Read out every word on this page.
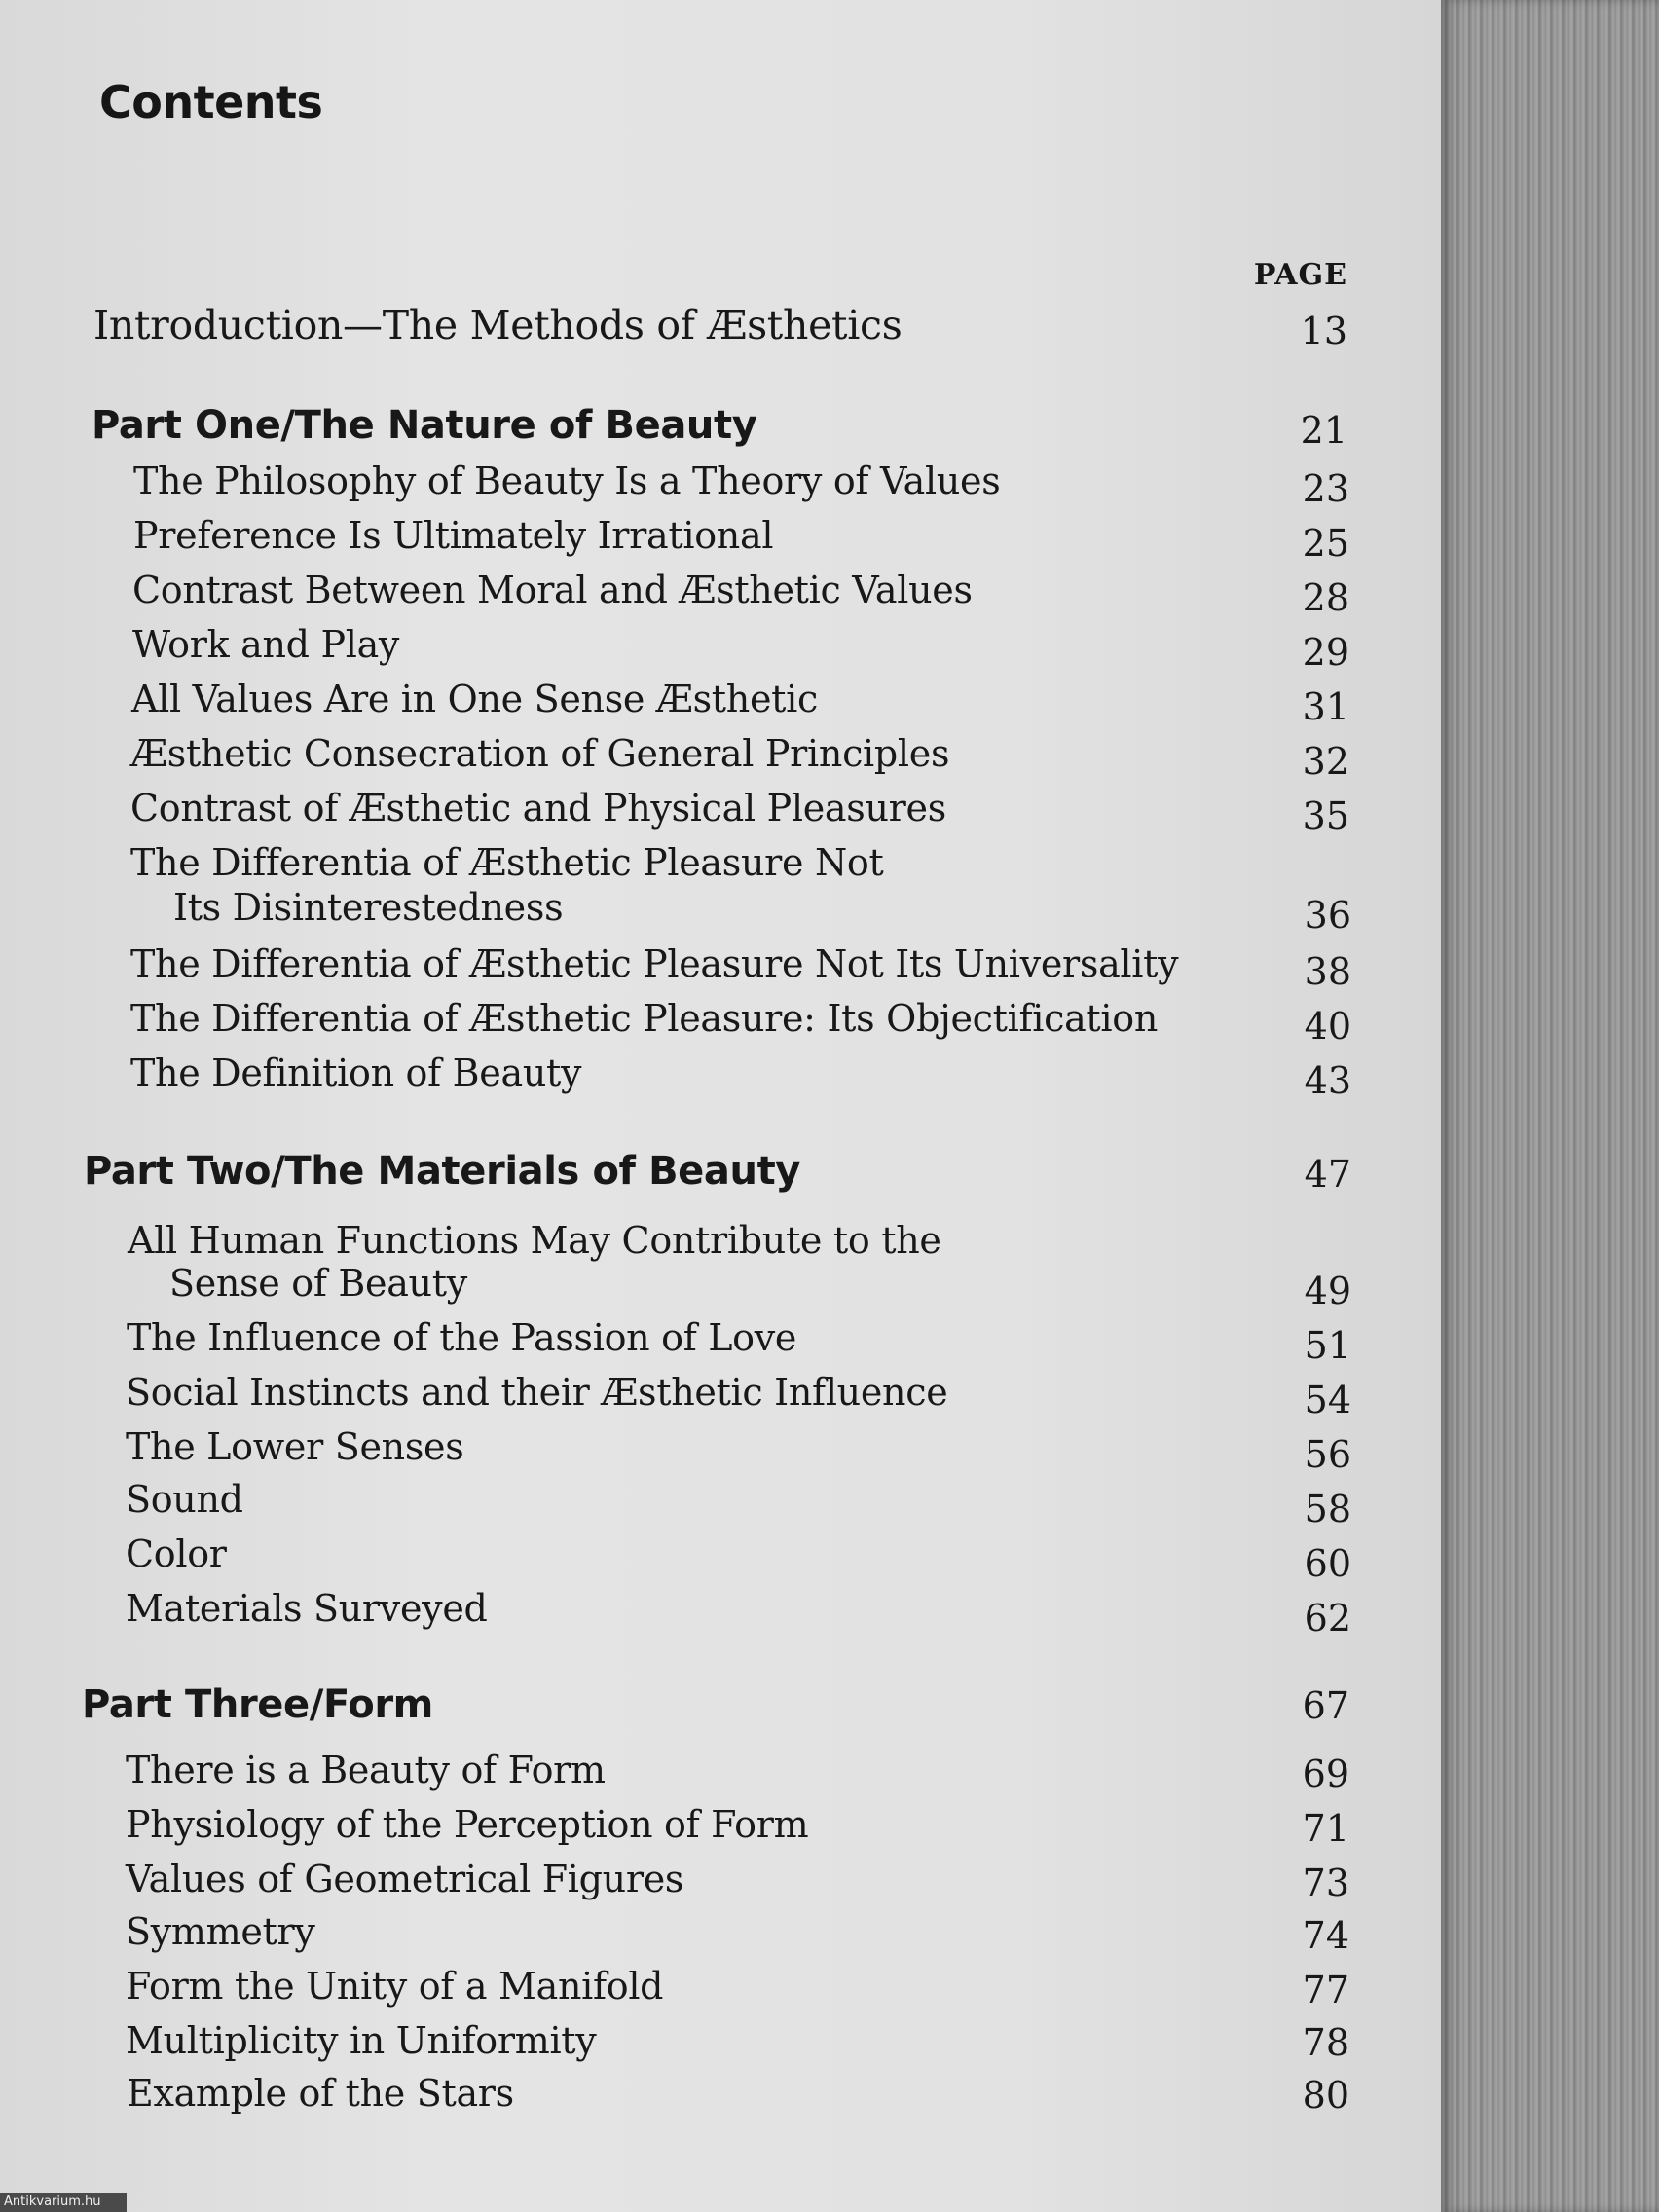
Contents
PAGE
Introduction—The Methods of Æsthetics	13
Part One/The Nature of Beauty	21
The Philosophy of Beauty Is a Theory of Values	23
Preference Is Ultimately Irrational	25
Contrast Between Moral and Æsthetic Values	28
Work and Play	29
All Values Are in One Sense Æsthetic	31
Æsthetic Consecration of General Principles	32
Contrast of Æsthetic and Physical Pleasures	35
The Differentia of Æsthetic Pleasure Not
Its Disinterestedness	36
The Differentia of Æsthetic Pleasure Not Its Universality	38
The Differentia of Æsthetic Pleasure: Its Objectification	40
The Definition of Beauty	43
Part Two/The Materials of Beauty	47
All Human Functions May Contribute to the
Sense of Beauty	49
The Influence of the Passion of Love	51
Social Instincts and their Æsthetic Influence	54
The Lower Senses	56
Sound	58
Color	60
Materials Surveyed	62
Part Three/Form	67
There is a Beauty of Form	69
Physiology of the Perception of Form	71
Values of Geometrical Figures	73
Symmetry	74
Form the Unity of a Manifold	77
Multiplicity in Uniformity	78
Example of the Stars	80
Antikvarium.hu
